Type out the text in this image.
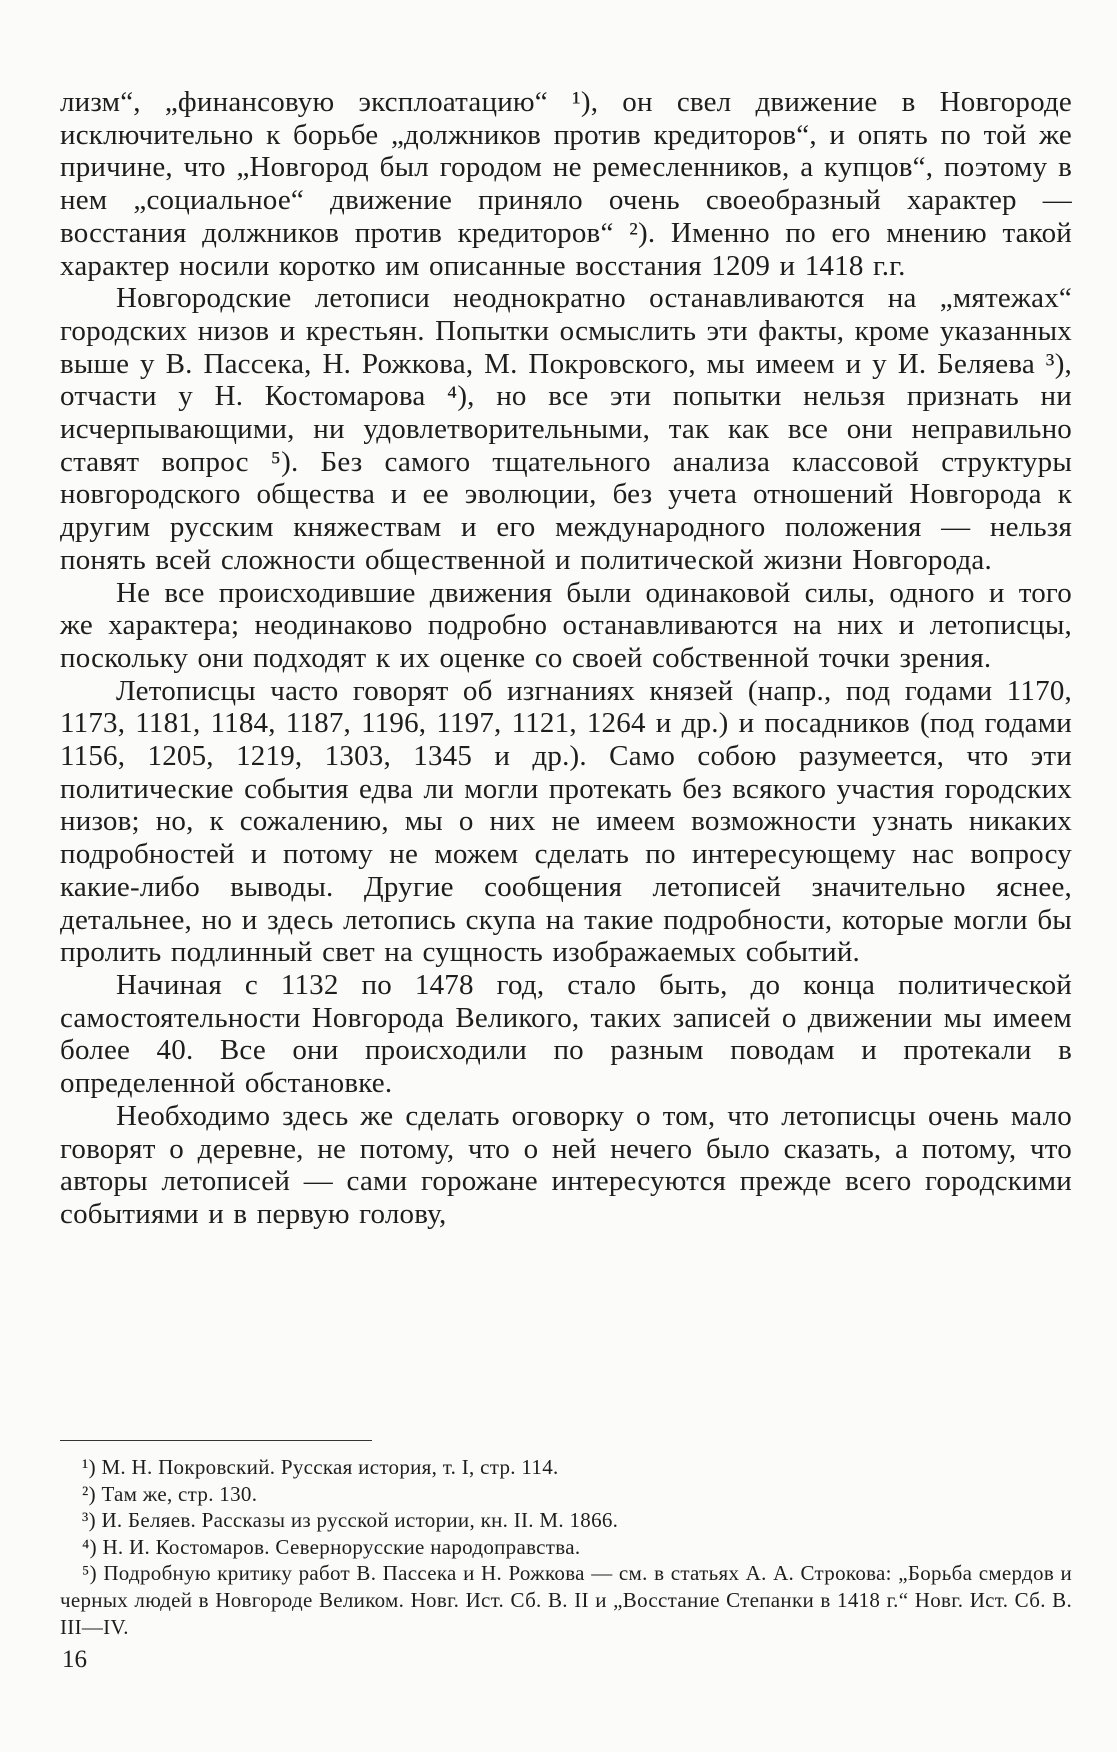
лизм“, „финансовую эксплоатацию“ ¹), он свел движение в Новгороде исключительно к борьбе „должников против кредиторов“, и опять по той же причине, что „Новгород был городом не ремесленников, а купцов“, поэтому в нем „социальное“ движение приняло очень своеобразный характер — восстания должников против кредиторов“ ²). Именно по его мнению такой характер носили коротко им описанные восстания 1209 и 1418 г.г.

Новгородские летописи неоднократно останавливаются на „мятежах“ городских низов и крестьян. Попытки осмыслить эти факты, кроме указанных выше у В. Пассека, Н. Рожкова, М. Покровского, мы имеем и у И. Беляева ³), отчасти у Н. Костомарова ⁴), но все эти попытки нельзя признать ни исчерпывающими, ни удовлетворительными, так как все они неправильно ставят вопрос ⁵). Без самого тщательного анализа классовой структуры новгородского общества и ее эволюции, без учета отношений Новгорода к другим русским княжествам и его международного положения — нельзя понять всей сложности общественной и политической жизни Новгорода.

Не все происходившие движения были одинаковой силы, одного и того же характера; неодинаково подробно останавливаются на них и летописцы, поскольку они подходят к их оценке со своей собственной точки зрения.

Летописцы часто говорят об изгнаниях князей (напр., под годами 1170, 1173, 1181, 1184, 1187, 1196, 1197, 1121, 1264 и др.) и посадников (под годами 1156, 1205, 1219, 1303, 1345 и др.). Само собою разумеется, что эти политические события едва ли могли протекать без всякого участия городских низов; но, к сожалению, мы о них не имеем возможности узнать никаких подробностей и потому не можем сделать по интересующему нас вопросу какие-либо выводы. Другие сообщения летописей значительно яснее, детальнее, но и здесь летопись скупа на такие подробности, которые могли бы пролить подлинный свет на сущность изображаемых событий.

Начиная с 1132 по 1478 год, стало быть, до конца политической самостоятельности Новгорода Великого, таких записей о движении мы имеем более 40. Все они происходили по разным поводам и протекали в определенной обстановке.

Необходимо здесь же сделать оговорку о том, что летописцы очень мало говорят о деревне, не потому, что о ней нечего было сказать, а потому, что авторы летописей — сами горожане интересуются прежде всего городскими событиями и в первую голову,

¹) М. Н. Покровский. Русская история, т. I, стр. 114.

²) Там же, стр. 130.

³) И. Беляев. Рассказы из русской истории, кн. II. М. 1866.

⁴) Н. И. Костомаров. Севернорусские народоправства.

⁵) Подробную критику работ В. Пассека и Н. Рожкова — см. в статьях А. А. Строкова: „Борьба смердов и черных людей в Новгороде Великом. Новг. Ист. Сб. В. II и „Восстание Степанки в 1418 г.“ Новг. Ист. Сб. В. III—IV.

16
